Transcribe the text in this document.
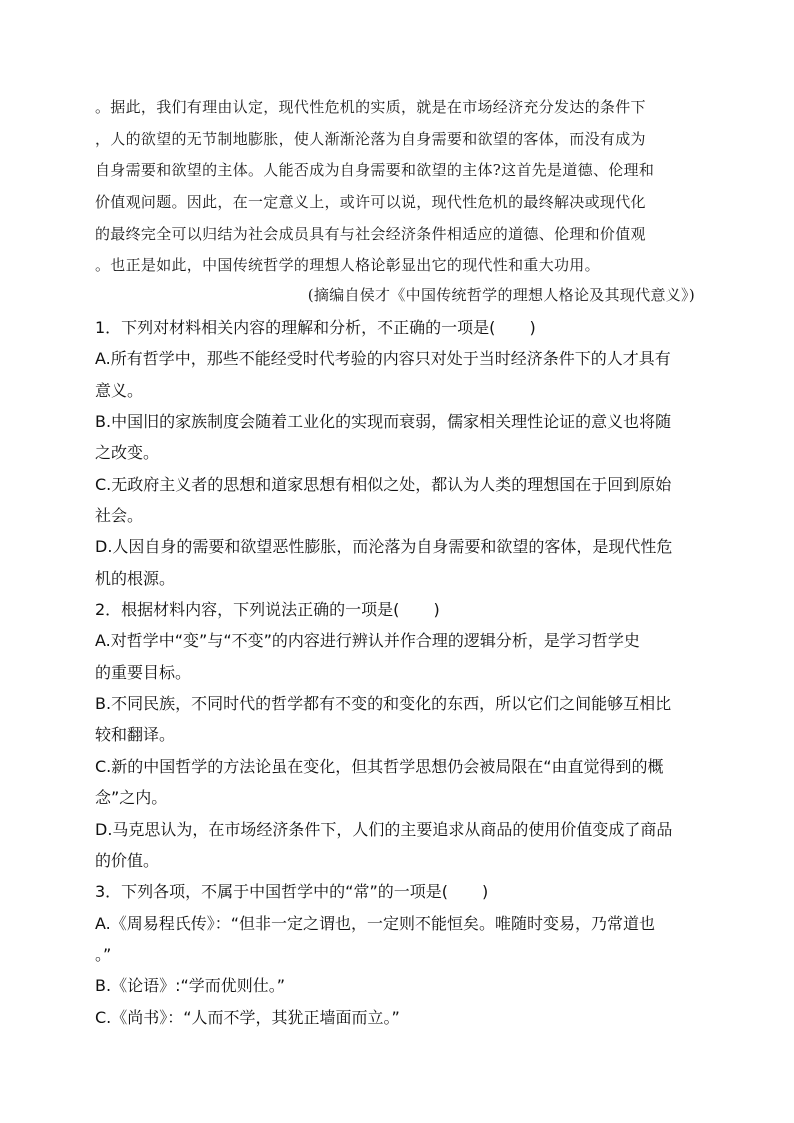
。据此，我们有理由认定，现代性危机的实质，就是在市场经济充分发达的条件下
，人的欲望的无节制地膨胀，使人渐渐沦落为自身需要和欲望的客体，而没有成为
自身需要和欲望的主体。人能否成为自身需要和欲望的主体?这首先是道德、伦理和
价值观问题。因此，在一定意义上，或许可以说，现代性危机的最终解决或现代化
的最终完全可以归结为社会成员具有与社会经济条件相适应的道德、伦理和价值观
。也正是如此，中国传统哲学的理想人格论彰显出它的现代性和重大功用。
(摘编自侯才《中国传统哲学的理想人格论及其现代意义》)
1．下列对材料相关内容的理解和分析，不正确的一项是( )
A.所有哲学中，那些不能经受时代考验的内容只对处于当时经济条件下的人才具有
意义。
B.中国旧的家族制度会随着工业化的实现而衰弱，儒家相关理性论证的意义也将随
之改变。
C.无政府主义者的思想和道家思想有相似之处，都认为人类的理想国在于回到原始
社会。
D.人因自身的需要和欲望恶性膨胀，而沦落为自身需要和欲望的客体，是现代性危
机的根源。
2．根据材料内容，下列说法正确的一项是( )
A.对哲学中“变”与“不变”的内容进行辨认并作合理的逻辑分析，是学习哲学史
的重要目标。
B.不同民族，不同时代的哲学都有不变的和变化的东西，所以它们之间能够互相比
较和翻译。
C.新的中国哲学的方法论虽在变化，但其哲学思想仍会被局限在“由直觉得到的概
念”之内。
D.马克思认为，在市场经济条件下，人们的主要追求从商品的使用价值变成了商品
的价值。
3．下列各项，不属于中国哲学中的“常”的一项是( )
A.《周易程氏传》：“但非一定之谓也，一定则不能恒矣。唯随时变易，乃常道也
。”
B.《论语》:“学而优则仕。”
C.《尚书》：“人而不学，其犹正墙面而立。”
